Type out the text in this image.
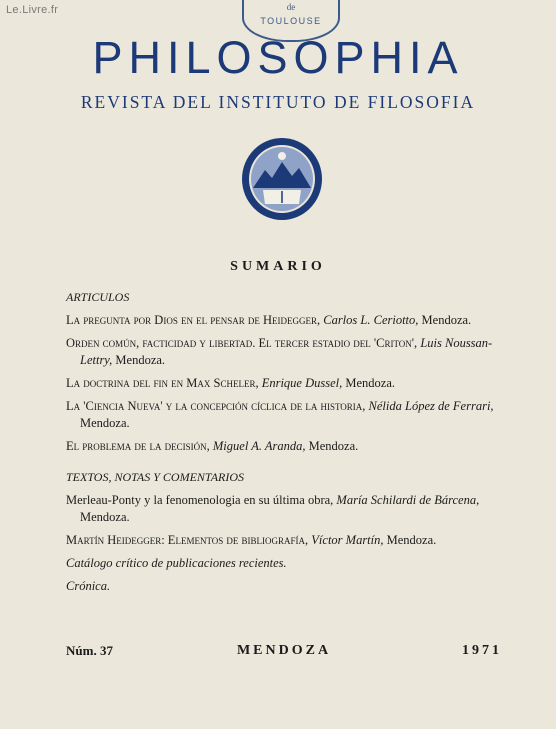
Le.Livre.fr	de
TOULOUSE
PHILOSOPHIA
REVISTA DEL INSTITUTO DE FILOSOFIA
SUMARIO
ARTICULOS
La pregunta por Dios en el pensar de Heidegger, Carlos L. Ceriotto, Mendoza.
Orden común, facticidad y libertad. El tercer estadio del 'Criton', Luis Noussan-Lettry, Mendoza.
La doctrina del fin en Max Scheler, Enrique Dussel, Mendoza.
La 'Ciencia Nueva' y la concepción cíclica de la historia, Nélida López de Ferrari, Mendoza.
El problema de la decisión, Miguel A. Aranda, Mendoza.
TEXTOS, NOTAS Y COMENTARIOS
Merleau-Ponty y la fenomenologia en su última obra, María Schilardi de Bárcena, Mendoza.
Martín Heidegger: Elementos de bibliografía, Víctor Martín, Mendoza.
Catálogo crítico de publicaciones recientes.
Crónica.
Núm. 37	MENDOZA	1971
